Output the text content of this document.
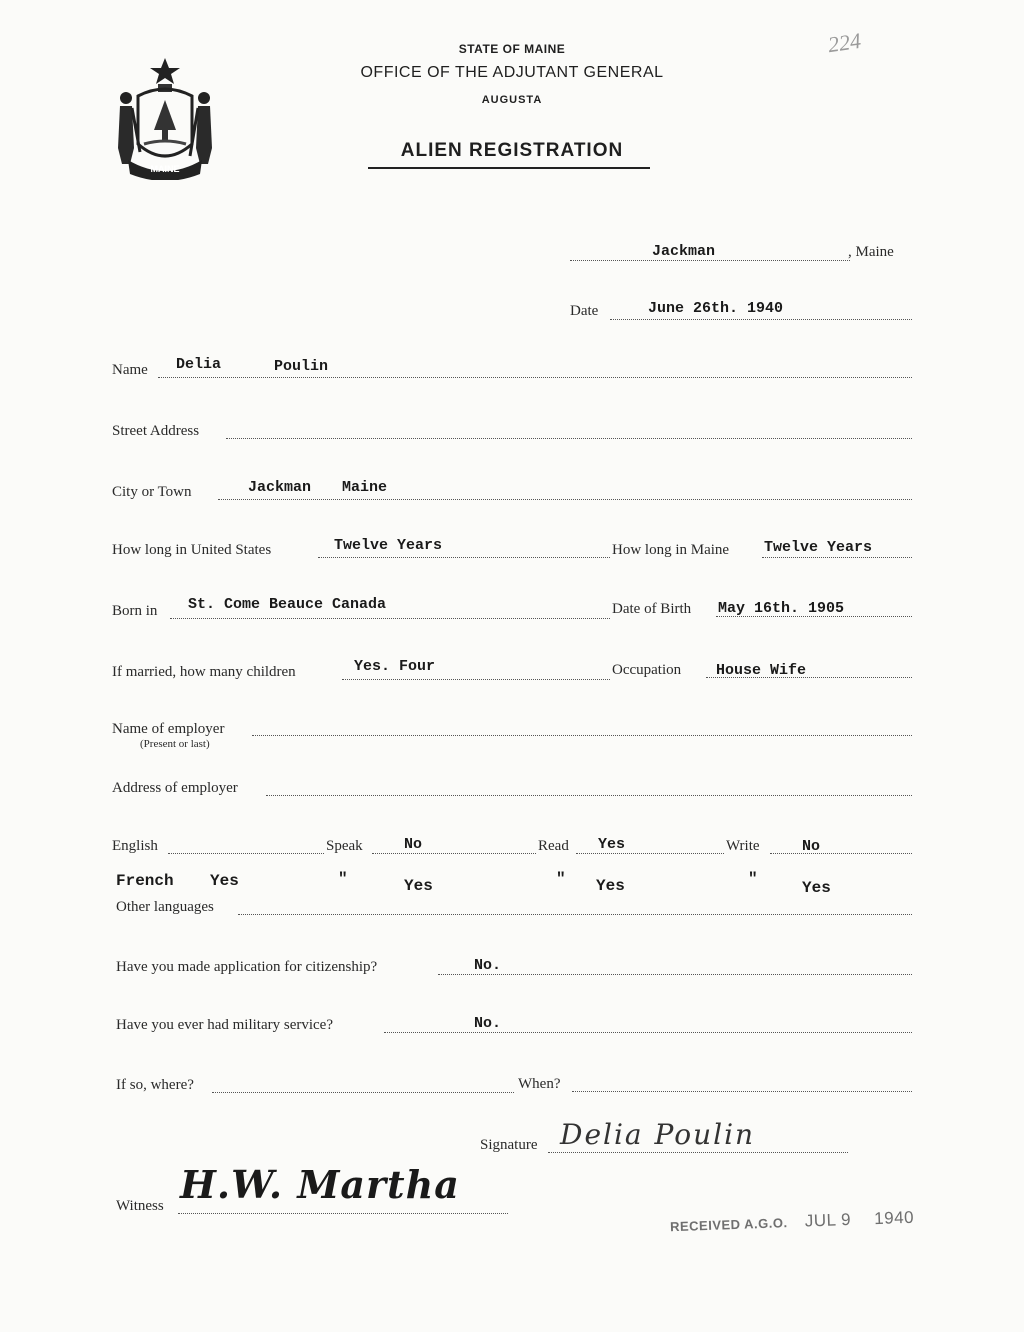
MAINE
STATE OF MAINE
OFFICE OF THE ADJUTANT GENERAL
AUGUSTA
ALIEN REGISTRATION
224
Jackman	, Maine
Date	June 26th. 1940
Name Delia	Poulin
Street Address
City or Town	Jackman Maine
How long in United States	Twelve Years	How long in Maine Twelve Years
Born in St. Come Beauce Canada	Date of Birth May 16th. 1905
If married, how many children	Yes. Four	Occupation House Wife
Name of employer
(Present or last)
Address of employer
English	Speak	No	Read Yes	Write	No
French Yes	"	Yes	" Yes	"	Yes
Other languages
Have you made application for citizenship?	No.
Have you ever had military service?	No.
If so, where?	When?
Signature Delia Poulin
Witness H.W. Martha
RECEIVED A.G.O. JUL 9 1940
